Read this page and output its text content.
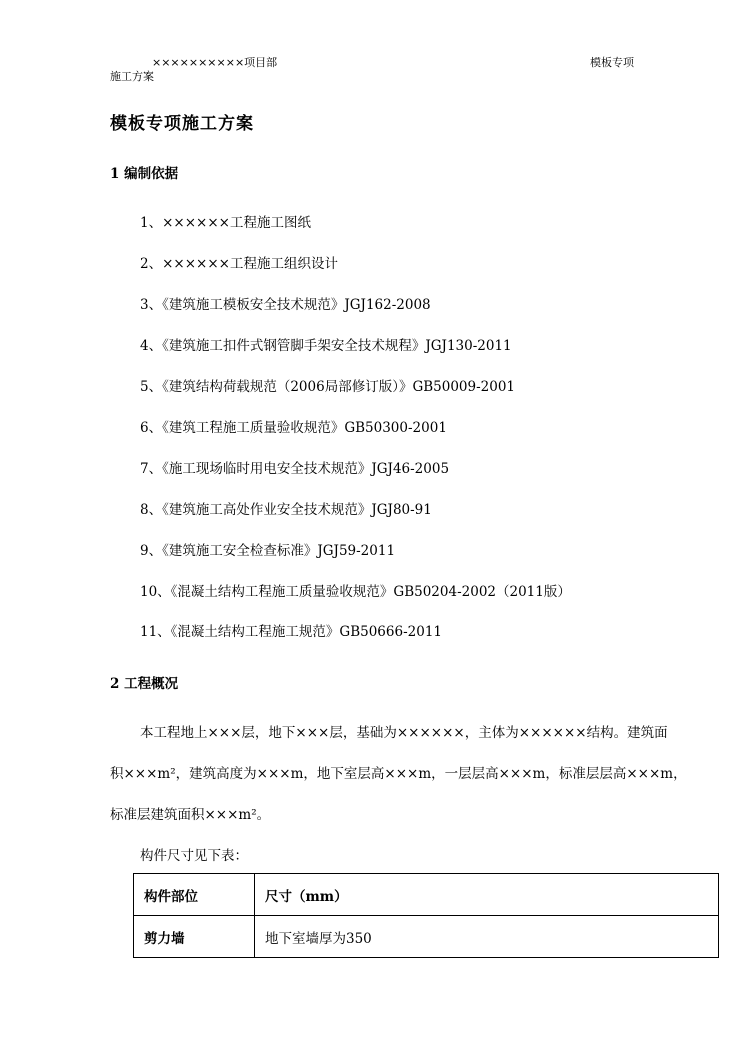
××××××××××项目部	模板专项
施工方案
模板专项施工方案
1 编制依据
1、××××××工程施工图纸
2、××××××工程施工组织设计
3、《建筑施工模板安全技术规范》JGJ162-2008
4、《建筑施工扣件式钢管脚手架安全技术规程》JGJ130-2011
5、《建筑结构荷载规范（2006局部修订版）》GB50009-2001
6、《建筑工程施工质量验收规范》GB50300-2001
7、《施工现场临时用电安全技术规范》JGJ46-2005
8、《建筑施工高处作业安全技术规范》JGJ80-91
9、《建筑施工安全检查标准》JGJ59-2011
10、《混凝土结构工程施工质量验收规范》GB50204-2002（2011版）
11、《混凝土结构工程施工规范》GB50666-2011
2 工程概况
本工程地上×××层，地下×××层，基础为××××××，主体为××××××结构。建筑面
积×××m²，建筑高度为×××m，地下室层高×××m，一层层高×××m，标准层层高×××m，
标准层建筑面积×××m²。
构件尺寸见下表：
构件部位	尺寸（mm）
剪力墙	地下室墙厚为350
